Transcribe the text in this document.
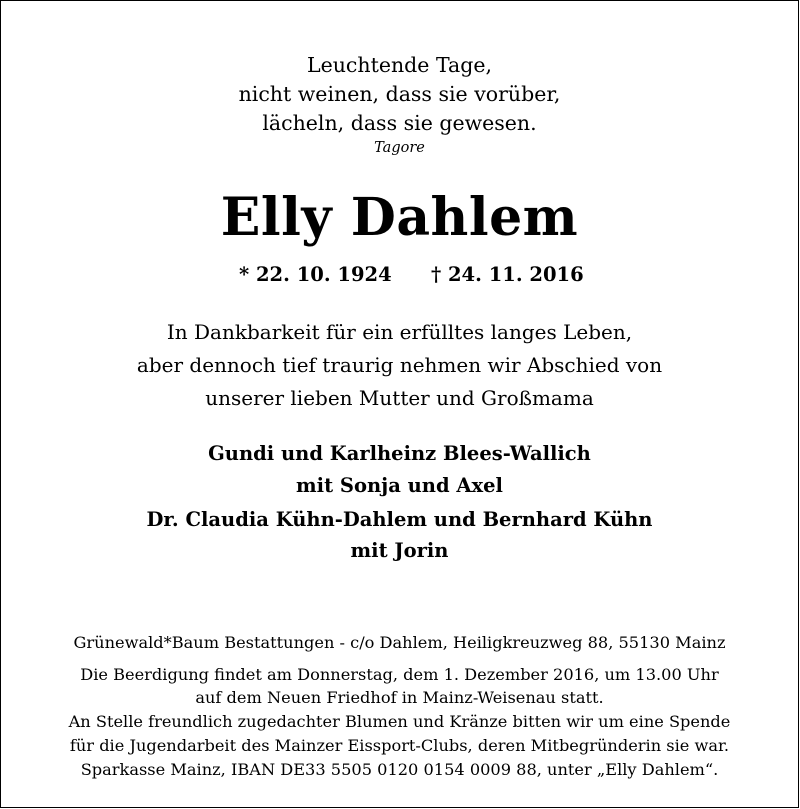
Leuchtende Tage,
nicht weinen, dass sie vorüber,
lächeln, dass sie gewesen.
Tagore
Elly Dahlem
* 22. 10. 1924 † 24. 11. 2016
In Dankbarkeit für ein erfülltes langes Leben,
aber dennoch tief traurig nehmen wir Abschied von
unserer lieben Mutter und Großmama
Gundi und Karlheinz Blees-Wallich
mit Sonja und Axel
Dr. Claudia Kühn-Dahlem und Bernhard Kühn
mit Jorin
Grünewald*Baum Bestattungen - c/o Dahlem, Heiligkreuzweg 88, 55130 Mainz
Die Beerdigung findet am Donnerstag, dem 1. Dezember 2016, um 13.00 Uhr
auf dem Neuen Friedhof in Mainz-Weisenau statt.
An Stelle freundlich zugedachter Blumen und Kränze bitten wir um eine Spende
für die Jugendarbeit des Mainzer Eissport-Clubs, deren Mitbegründerin sie war.
Sparkasse Mainz, IBAN DE33 5505 0120 0154 0009 88, unter „Elly Dahlem“.
